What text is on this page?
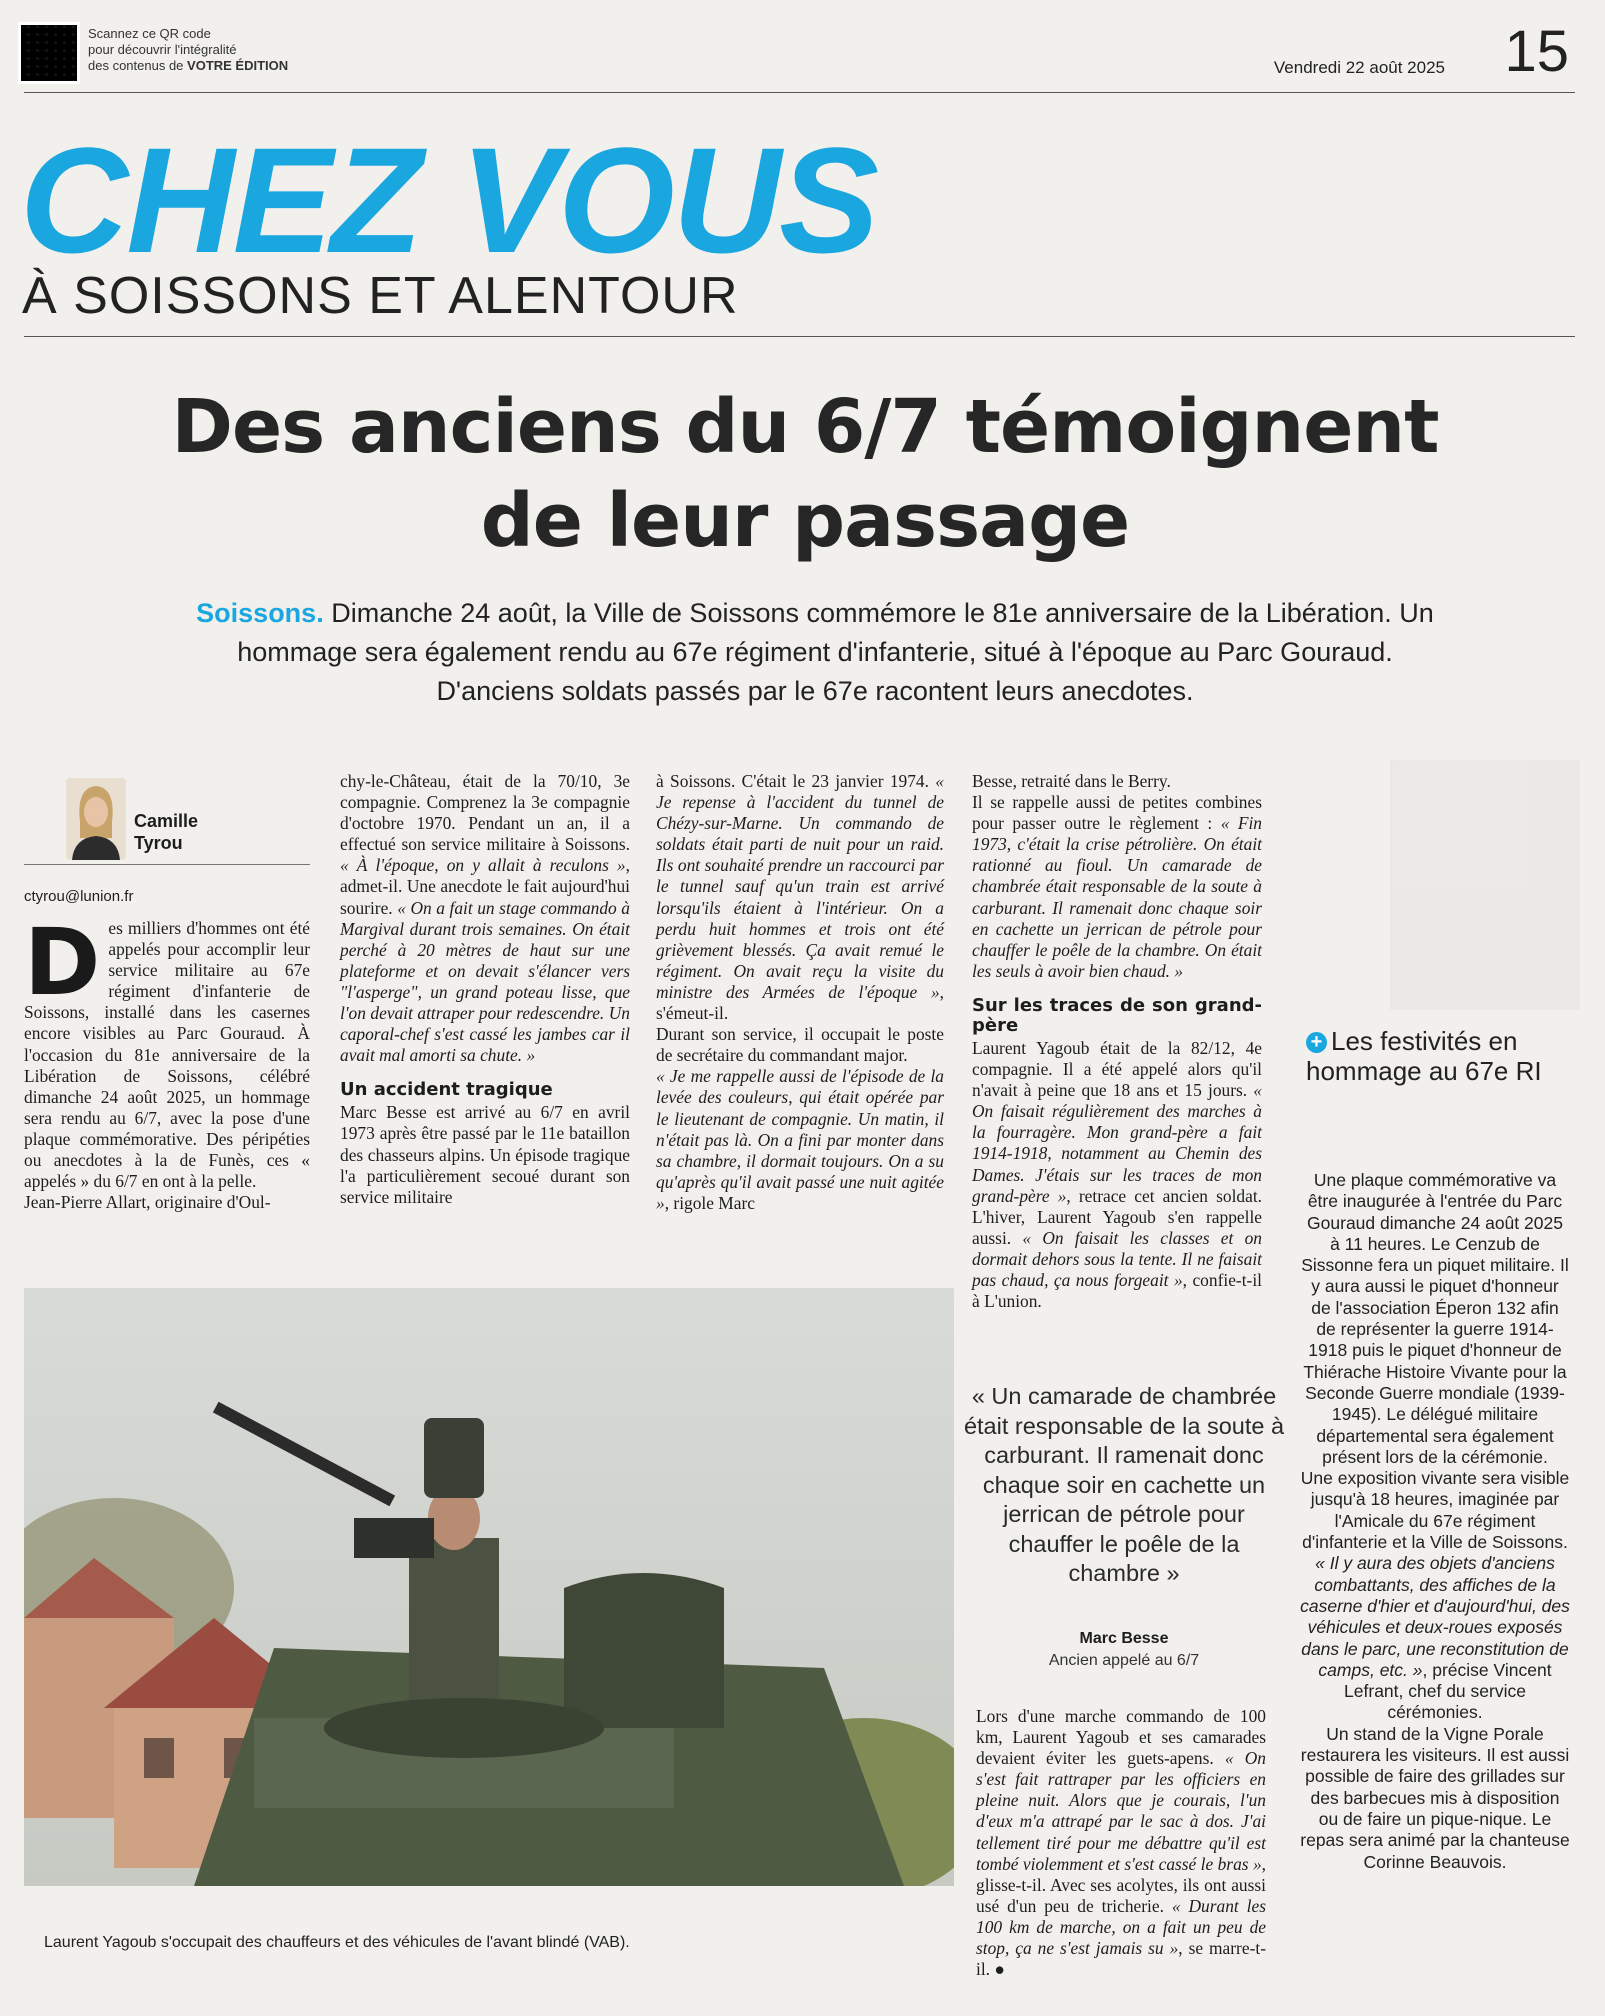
Scannez ce QR code
pour découvrir l'intégralité
des contenus de VOTRE ÉDITION	Vendredi 22 août 2025 15
CHEZ VOUS
À SOISSONS ET ALENTOUR
Des anciens du 6/7 témoignent
de leur passage
Soissons. Dimanche 24 août, la Ville de Soissons commémore le 81e anniversaire de la Libération. Un hommage sera également rendu au 67e régiment d'infanterie, situé à l'époque au Parc Gouraud. D'anciens soldats passés par le 67e racontent leurs anecdotes.
Camille Tyrou
ctyrou@lunion.fr

Des milliers d'hommes ont été appelés pour accomplir leur service militaire au 67e régiment d'infanterie de Soissons, installé dans les casernes encore visibles au Parc Gouraud. À l'occasion du 81e anniversaire de la Libération de Soissons, célébré dimanche 24 août 2025, un hommage sera rendu au 6/7, avec la pose d'une plaque commémorative. Des péripéties ou anecdotes à la de Funès, ces « appelés » du 6/7 en ont à la pelle.

Jean-Pierre Allart, originaire d'Oul-

chy-le-Château, était de la 70/10, 3e compagnie. Comprenez la 3e compagnie d'octobre 1970. Pendant un an, il a effectué son service militaire à Soissons. « À l'époque, on y allait à reculons », admet-il. Une anecdote le fait aujourd'hui sourire. « On a fait un stage commando à Margival durant trois semaines. On était perché à 20 mètres de haut sur une plateforme et on devait s'élancer vers "l'asperge", un grand poteau lisse, que l'on devait attraper pour redescendre. Un caporal-chef s'est cassé les jambes car il avait mal amorti sa chute. »

Un accident tragique

Marc Besse est arrivé au 6/7 en avril 1973 après être passé par le 11e bataillon des chasseurs alpins. Un épisode tragique l'a particulièrement secoué durant son service militaire

à Soissons. C'était le 23 janvier 1974. « Je repense à l'accident du tunnel de Chézy-sur-Marne. Un commando de soldats était parti de nuit pour un raid. Ils ont souhaité prendre un raccourci par le tunnel sauf qu'un train est arrivé lorsqu'ils étaient à l'intérieur. On a perdu huit hommes et trois ont été grièvement blessés. Ça avait remué le régiment. On avait reçu la visite du ministre des Armées de l'époque », s'émeut-il.

Durant son service, il occupait le poste de secrétaire du commandant major.

« Je me rappelle aussi de l'épisode de la levée des couleurs, qui était opérée par le lieutenant de compagnie. Un matin, il n'était pas là. On a fini par monter dans sa chambre, il dormait toujours. On a su qu'après qu'il avait passé une nuit agitée », rigole Marc

Besse, retraité dans le Berry.

Il se rappelle aussi de petites combines pour passer outre le règlement : « Fin 1973, c'était la crise pétrolière. On était rationné au fioul. Un camarade de chambrée était responsable de la soute à carburant. Il ramenait donc chaque soir en cachette un jerrican de pétrole pour chauffer le poêle de la chambre. On était les seuls à avoir bien chaud. »

Sur les traces de son grand-père

Laurent Yagoub était de la 82/12, 4e compagnie. Il a été appelé alors qu'il n'avait à peine que 18 ans et 15 jours. « On faisait régulièrement des marches à la fourragère. Mon grand-père a fait 1914-1918, notamment au Chemin des Dames. J'étais sur les traces de mon grand-père », retrace cet ancien soldat. L'hiver, Laurent Yagoub s'en rappelle aussi. « On faisait les classes et on dormait dehors sous la tente. Il ne faisait pas chaud, ça nous forgeait », confie-t-il à L'union.

« Un camarade de chambrée était responsable de la soute à carburant. Il ramenait donc chaque soir en cachette un jerrican de pétrole pour chauffer le poêle de la chambre »
Marc Besse
Ancien appelé au 6/7

Lors d'une marche commando de 100 km, Laurent Yagoub et ses camarades devaient éviter les guets-apens. « On s'est fait rattraper par les officiers en pleine nuit. Alors que je courais, l'un d'eux m'a attrapé par le sac à dos. J'ai tellement tiré pour me débattre qu'il est tombé violemment et s'est cassé le bras », glisse-t-il. Avec ses acolytes, ils ont aussi usé d'un peu de tricherie. « Durant les 100 km de marche, on a fait un peu de stop, ça ne s'est jamais su », se marre-t-il. ●

Laurent Yagoub s'occupait des chauffeurs et des véhicules de l'avant blindé (VAB).
+ Les festivités en hommage au 67e RI

Une plaque commémorative va être inaugurée à l'entrée du Parc Gouraud dimanche 24 août 2025 à 11 heures. Le Cenzub de Sissonne fera un piquet militaire. Il y aura aussi le piquet d'honneur de l'association Éperon 132 afin de représenter la guerre 1914-1918 puis le piquet d'honneur de Thiérache Histoire Vivante pour la Seconde Guerre mondiale (1939-1945). Le délégué militaire départemental sera également présent lors de la cérémonie.

Une exposition vivante sera visible jusqu'à 18 heures, imaginée par l'Amicale du 67e régiment d'infanterie et la Ville de Soissons. « Il y aura des objets d'anciens combattants, des affiches de la caserne d'hier et d'aujourd'hui, des véhicules et deux-roues exposés dans le parc, une reconstitution de camps, etc. », précise Vincent Lefrant, chef du service cérémonies.

Un stand de la Vigne Porale restaurera les visiteurs. Il est aussi possible de faire des grillades sur des barbecues mis à disposition ou de faire un pique-nique. Le repas sera animé par la chanteuse Corinne Beauvois.
